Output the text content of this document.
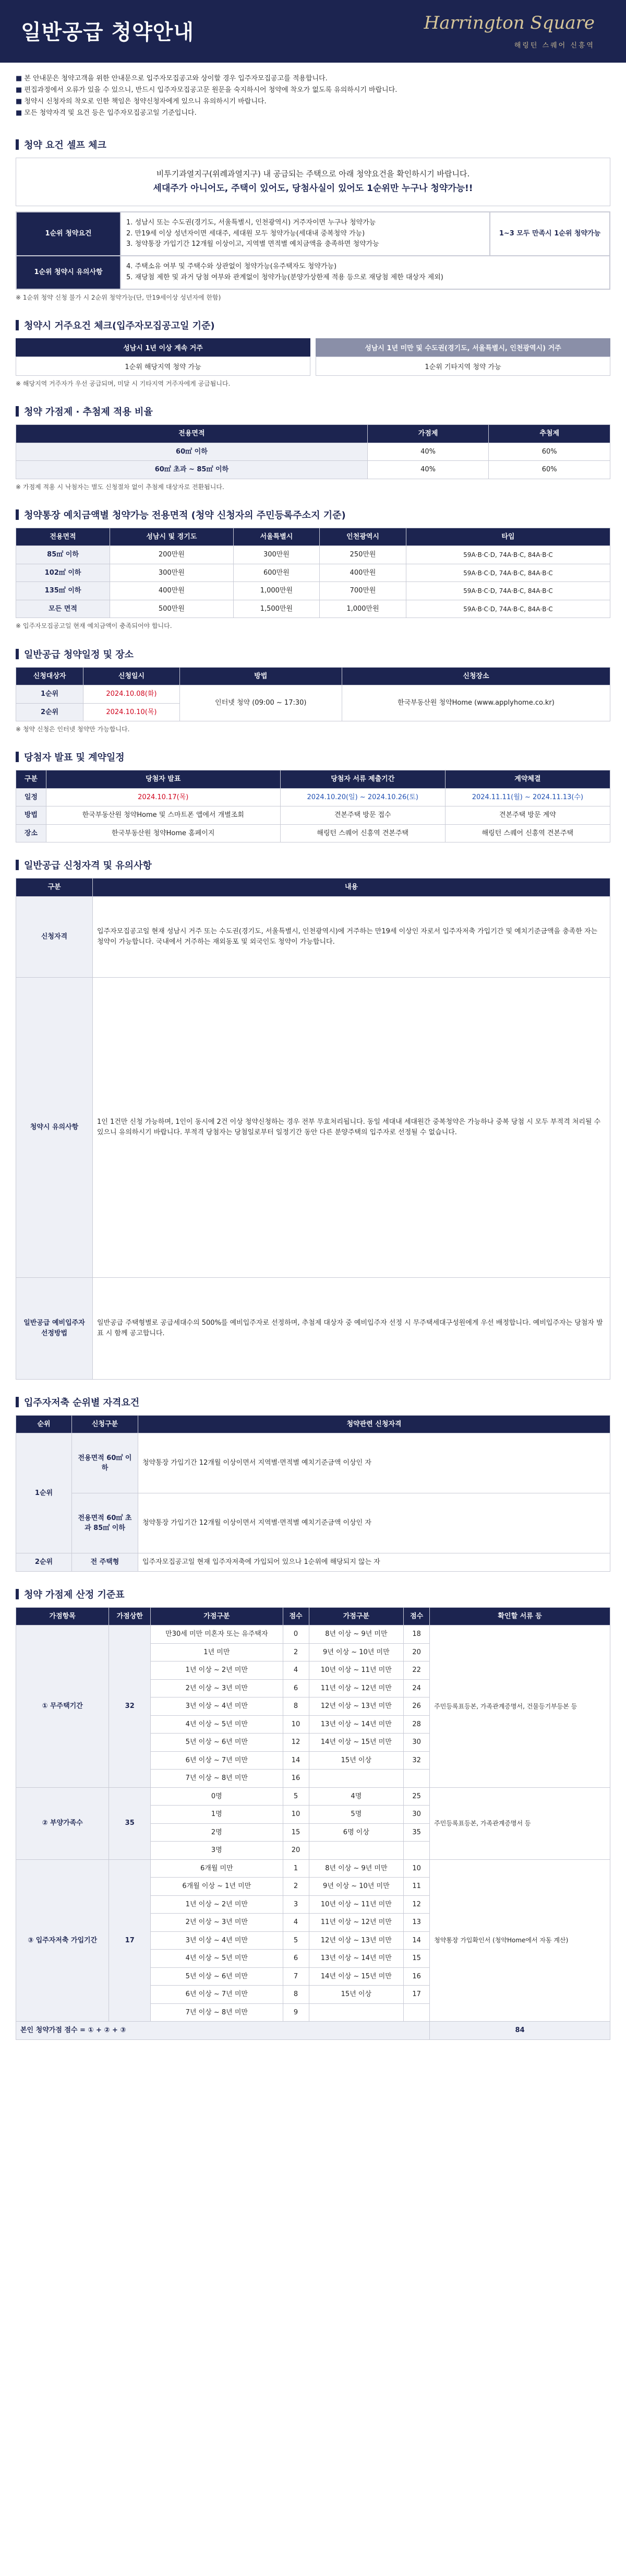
일반공급 청약안내	Harrington Square
해링턴 스퀘어 신흥역
■ 본 안내문은 청약고객을 위한 안내문으로 입주자모집공고와 상이할 경우 입주자모집공고를 적용합니다.
■ 편집과정에서 오류가 있을 수 있으니, 반드시 입주자모집공고문 원문을 숙지하시어 청약에 착오가 없도록 유의하시기 바랍니다.
■ 청약시 신청자의 착오로 인한 책임은 청약신청자에게 있으니 유의하시기 바랍니다.
■ 모든 청약자격 및 요건 등은 입주자모집공고일 기준입니다.
청약 요건 셀프 체크
비투기과열지구(위례과열지구) 내 공급되는 주택으로 아래 청약요건을 확인하시기 바랍니다.
세대주가 아니어도, 주택이 있어도, 당첨사실이 있어도 1순위만 누구나 청약가능!!
1순위 청약요건
1. 성남시 또는 수도권(경기도, 서울특별시, 인천광역시) 거주자이면 누구나 청약가능
2. 만19세 이상 성년자이면 세대주, 세대원 모두 청약가능(세대내 중복청약 가능)
3. 청약통장 가입기간 12개월 이상이고, 지역별 면적별 예치금액을 충족하면 청약가능
1~3 모두 만족시 1순위 청약가능
1순위 청약시 유의사항
4. 주택소유 여부 및 주택수와 상관없이 청약가능(유주택자도 청약가능)
5. 재당첨 제한 및 과거 당첨 여부와 관계없이 청약가능(분양가상한제 적용 등으로 재당첨 제한 대상자 제외)
※ 1순위 청약 신청 불가 시 2순위 청약가능(단, 만19세이상 성년자에 한함)
청약시 거주요건 체크(입주자모집공고일 기준)
성남시 1년 이상 계속 거주
1순위 해당지역 청약 가능
성남시 1년 미만 및 수도권(경기도, 서울특별시, 인천광역시) 거주
1순위 기타지역 청약 가능
※ 해당지역 거주자가 우선 공급되며, 미달 시 기타지역 거주자에게 공급됩니다.
청약 가점제 · 추첨제 적용 비율
전용면적	가점제	추첨제
60㎡ 이하	40%	60%
60㎡ 초과 ~ 85㎡ 이하	40%	60%
※ 가점제 적용 시 낙첨자는 별도 신청절차 없이 추첨제 대상자로 전환됩니다.
청약통장 예치금액별 청약가능 전용면적 (청약 신청자의 주민등록주소지 기준)
전용면적	성남시 및 경기도	서울특별시	인천광역시	타입
85㎡ 이하	200만원	300만원	250만원	59A·B·C·D, 74A·B·C, 84A·B·C
102㎡ 이하	300만원	600만원	400만원	59A·B·C·D, 74A·B·C, 84A·B·C
135㎡ 이하	400만원	1,000만원	700만원	59A·B·C·D, 74A·B·C, 84A·B·C
모든 면적	500만원	1,500만원	1,000만원	59A·B·C·D, 74A·B·C, 84A·B·C
※ 입주자모집공고일 현재 예치금액이 충족되어야 합니다.
일반공급 청약일정 및 장소
신청대상자	신청일시	방법	신청장소
1순위	2024.10.08(화)	인터넷 청약 (09:00 ~ 17:30)	한국부동산원 청약Home (www.applyhome.co.kr)
2순위	2024.10.10(목)		
※ 청약 신청은 인터넷 청약만 가능합니다.
당첨자 발표 및 계약일정
구분	당첨자 발표	당첨자 서류 제출기간	계약체결
일정	2024.10.17(목)	2024.10.20(일) ~ 2024.10.26(토)	2024.11.11(월) ~ 2024.11.13(수)
방법	한국부동산원 청약Home 및 스마트폰 앱에서 개별조회	견본주택 방문 접수	견본주택 방문 계약
장소	한국부동산원 청약Home 홈페이지	해링턴 스퀘어 신흥역 견본주택	해링턴 스퀘어 신흥역 견본주택
일반공급 신청자격 및 유의사항
구분	내용
신청자격	입주자모집공고일 현재 성남시 거주 또는 수도권(경기도, 서울특별시, 인천광역시)에 거주하는 만19세 이상인 자로서 입주자저축 가입기간 및 예치기준금액을 충족한 자는 청약이 가능합니다. 국내에서 거주하는 재외동포 및 외국인도 청약이 가능합니다.
청약시 유의사항	1인 1건만 신청 가능하며, 1인이 동시에 2건 이상 청약신청하는 경우 전부 무효처리됩니다. 동일 세대내 세대원간 중복청약은 가능하나 중복 당첨 시 모두 부적격 처리될 수 있으니 유의하시기 바랍니다. 부적격 당첨자는 당첨일로부터 일정기간 동안 다른 분양주택의 입주자로 선정될 수 없습니다.
일반공급 예비입주자 선정방법	일반공급 주택형별로 공급세대수의 500%를 예비입주자로 선정하며, 추첨제 대상자 중 예비입주자 선정 시 무주택세대구성원에게 우선 배정합니다. 예비입주자는 당첨자 발표 시 함께 공고합니다.
입주자저축 순위별 자격요건
순위	신청구분	청약관련 신청자격
1순위	전용면적 60㎡ 이하	청약통장 가입기간 12개월 이상이면서 지역별·면적별 예치기준금액 이상인 자
	전용면적 60㎡ 초과 85㎡ 이하	청약통장 가입기간 12개월 이상이면서 지역별·면적별 예치기준금액 이상인 자
2순위	전 주택형	입주자모집공고일 현재 입주자저축에 가입되어 있으나 1순위에 해당되지 않는 자
청약 가점제 산정 기준표
가점항목	가점상한	가점구분	점수	가점구분	점수	확인할 서류 등
① 무주택기간	32	만30세 미만 미혼자 또는 유주택자	0	8년 이상 ~ 9년 미만	18	주민등록표등본, 가족관계증명서, 건물등기부등본 등
		1년 미만	2	9년 이상 ~ 10년 미만	20	
		1년 이상 ~ 2년 미만	4	10년 이상 ~ 11년 미만	22	
		2년 이상 ~ 3년 미만	6	11년 이상 ~ 12년 미만	24	
		3년 이상 ~ 4년 미만	8	12년 이상 ~ 13년 미만	26	
		4년 이상 ~ 5년 미만	10	13년 이상 ~ 14년 미만	28	
		5년 이상 ~ 6년 미만	12	14년 이상 ~ 15년 미만	30	
		6년 이상 ~ 7년 미만	14	15년 이상	32	
		7년 이상 ~ 8년 미만	16			
② 부양가족수	35	0명	5	4명	25	주민등록표등본, 가족관계증명서 등
		1명	10	5명	30	
		2명	15	6명 이상	35	
		3명	20			
③ 입주자저축 가입기간	17	6개월 미만	1	8년 이상 ~ 9년 미만	10	청약통장 가입확인서 (청약Home에서 자동 계산)
		6개월 이상 ~ 1년 미만	2	9년 이상 ~ 10년 미만	11	
		1년 이상 ~ 2년 미만	3	10년 이상 ~ 11년 미만	12	
		2년 이상 ~ 3년 미만	4	11년 이상 ~ 12년 미만	13	
		3년 이상 ~ 4년 미만	5	12년 이상 ~ 13년 미만	14	
		4년 이상 ~ 5년 미만	6	13년 이상 ~ 14년 미만	15	
		5년 이상 ~ 6년 미만	7	14년 이상 ~ 15년 미만	16	
		6년 이상 ~ 7년 미만	8	15년 이상	17	
		7년 이상 ~ 8년 미만	9			
본인 청약가점 점수 = ① + ② + ③						84
